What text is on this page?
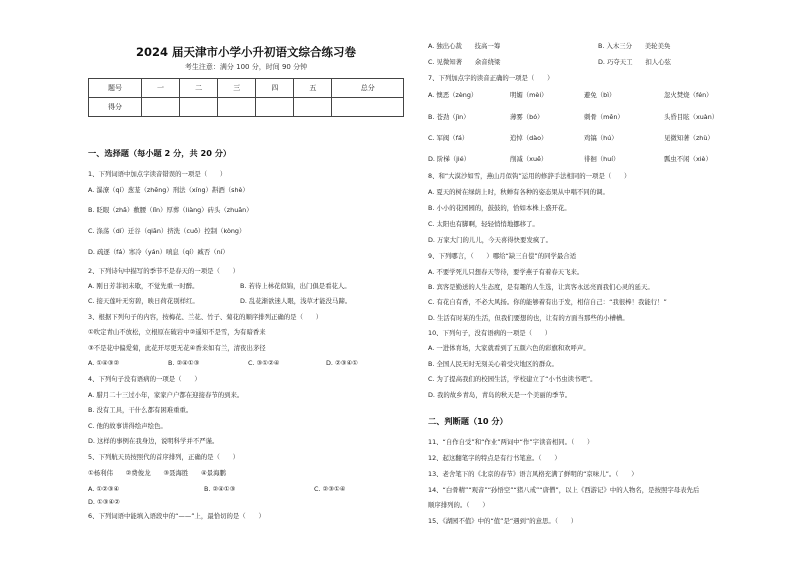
2024 届天津市小学小升初语文综合练习卷
考生注意：满分 100 分，时间 90 分钟
题号	一	二	三	四	五	总分
得分						
一、选择题（每小题 2 分，共 20 分）
1、下列词语中加点字读音错误的一项是（　　）
A. 瀑潦（qí）葱茏（zhēng）刑法（xíng）斟酒（shè）
B. 眨眼（zhǎ）敷腰（lǐn）厚葬（liàng）砖头（zhuān）
C. 涤荡（dí）迁谷（qiān）挤洗（cuō）控制（kòng）
D. 疏逐（fá）寒冷（yán）嗔息（qí）臧否（ní）
2、下列诗句中描写的季节不是春天的一项是（　　）
A. 刚日芳菲初未歇，不觉先重一时醉。	B. 若待上林花似锦，出门俱是看花人。
C. 接天莲叶无穷碧，映日荷花别样红。	D. 乱花渐欲迷人眼，浅草才能没马蹄。
3、根据下列句子的内容，按梅花、兰花、竹子、菊花的顺序排列正确的是（　　）
①吹定青山不放松，立根原在破岩中②遥知不是雪，为有暗香来
③不是花中偏爱菊，此花开尽更无花④香来如有兰，清夜出茅径
A. ①④③②	B. ②④①③	C. ③①②④	D. ②③④①
4、下列句子没有语病的一项是（　　）
A. 腊月二十三过小年，家家户户都在迎接春节的到来。
B. 没有工具，干什么都有困难重重。
C. 他的故事讲得绘声绘色。
D. 这样的事例在我身边，说明科学并不严谨。
5、下列航天员按照代的首序排列，正确的是（　　）
①杨利伟　　②费俊龙　　③聂海胜　　④景海鹏
A. ①②③④	B. ②④①③	C. ②③①④
D. ①③④②
6、下列词语中能填入语段中的“——”上，最恰切的是（　　）
A. 独出心裁　　技高一筹	B. 入木三分　　美轮美奂
C. 见微知著　　余音绕梁	D. 巧夺天工　　扣人心弦
7、下列加点字的读音正确的一项是（　　）
A. 懊恶（zèng）	明媚（mèi）	避免（bì）	忽火焚烧（fén）
B. 苍劲（jìn）	薄雾（bó）	刺骨（měn）	头昏目眩（xuàn）
C. 军阀（fá）	追悼（dào）	鸡镐（hú）	见微知著（zhù）
D. 阶梯（jié）	削减（xuē）	徘徊（huí）	瓢虫不闲（xiè）
8、和“大漠沙如雪，燕山月似钩”运用的修辞手法相同的一项是（　　）
A. 夏天的树在绿荫上时，秋蝉有各种的姿态果从中唱不同的调。
B. 小小的花园园的，鼓鼓的，恰如本株上盛开花。
C. 太阳也有脚啊，轻轻悄悄地挪移了。
D. 万家大门的儿儿，今天喜得快要发疯了。
9、下列哪言，（　　）哪给“缺三自偿”的同学最合适
A. 不要学死儿只想春天等待，要学燕子有着春天飞来。
B. 宾客是勤送的人生态度，是有趣的人生选，让宾客永远亮面我们心灵的延天。
C. 有花自有香，不必大风扬。你的能够着有出于发，相信自己：“我很棒！我能行！”
D. 生活有时某的生活，但我们要想的也，让有的方面当那些的小槽槽。
10、下列句子，没有语病的一项是（　　）
A. 一进体育场，大家就看到了五颜六色的彩旗和欢呼声。
B. 全国人民无时无刻关心着受灾地区的群众。
C. 为了提高我们的校园生活，学校建立了“小书虫读书吧”。
D. 我的故乡青岛，青岛的秋天是一个美丽的季节。
二、判断题（10 分）
11、“自作自受”和“作业”两词中“作”字读音相同。（　　）
12、起这翻笔字的特点是有行书笔意。（　　）
13、老舍笔下的《北京的春节》语言风格充满了鲜明的“京味儿”。（　　）
14、“白骨精”“观音”“孙悟空”“猪八戒”“唐僧”，以上《西游记》中的人物名，是按照字母表先后
顺序排列的。（　　）
15、《湖园不值》中的“值”是“遇到”的意思。（　　）
